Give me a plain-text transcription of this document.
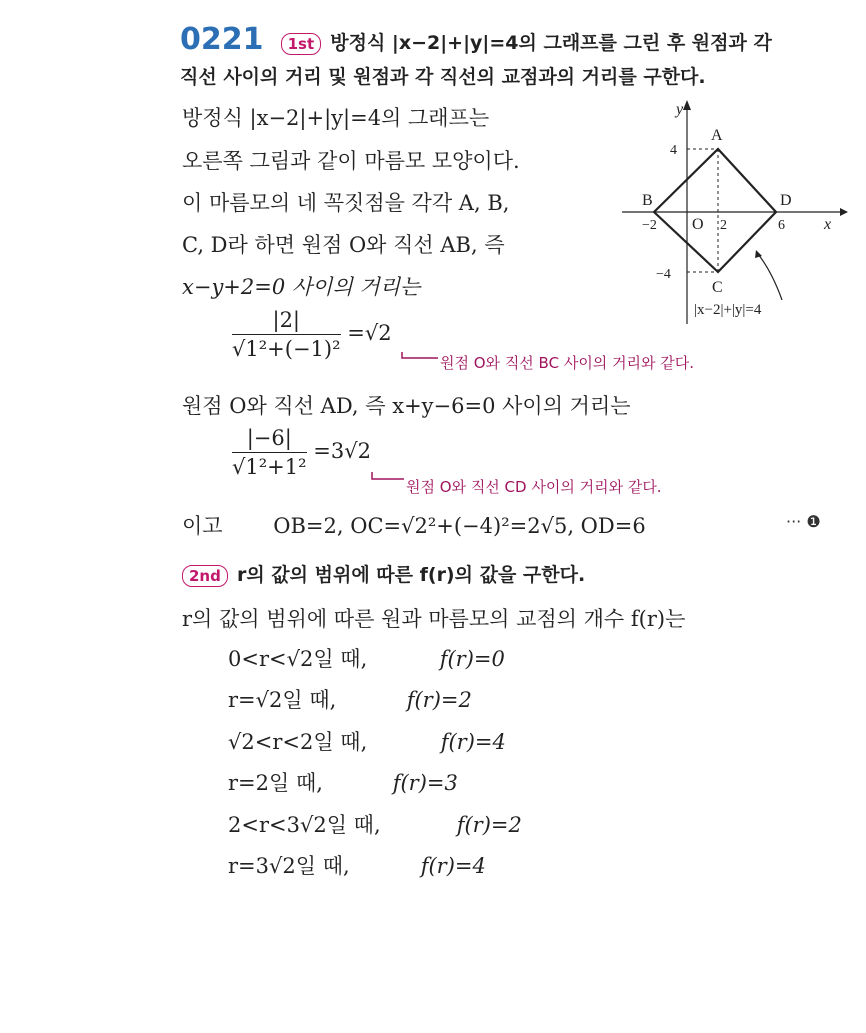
0221 1st 방정식 |x−2|+|y|=4의 그래프를 그린 후 원점과 각
직선 사이의 거리 및 원점과 각 직선의 교점과의 거리를 구한다.
방정식 |x−2|+|y|=4의 그래프는
오른쪽 그림과 같이 마름모 모양이다.
이 마름모의 네 꼭짓점을 각각 A, B,
C, D라 하면 원점 O와 직선 AB, 즉
x−y+2=0 사이의 거리는
$\frac{|2|}{\text{√1²+(−1)²}} =√2$
원점 O와 직선 BC 사이의 거리와 같다.
원점 O와 직선 AD, 즉 x+y−6=0 사이의 거리는
$\frac{|-6|}{\text{√1²+1²}} =3√2$
원점 O와 직선 CD 사이의 거리와 같다.
이고 OB=2, OC=√2²+(−4)²=2√5, OD=6	··· ❶
2nd r의 값의 범위에 따른 f(r)의 값을 구한다.
r의 값의 범위에 따른 원과 마름모의 교점의 개수 f(r)는
0<r<√2일 때,	f(r)=0
r=√2일 때,	f(r)=2
√2<r<2일 때,	f(r)=4
r=2일 때,	f(r)=3
2<r<3√2일 때,	f(r)=2
r=3√2일 때,	f(r)=4
y
x
A
B
C
D
O
4
−4
−2	2	6
|x−2|+|y|=4
